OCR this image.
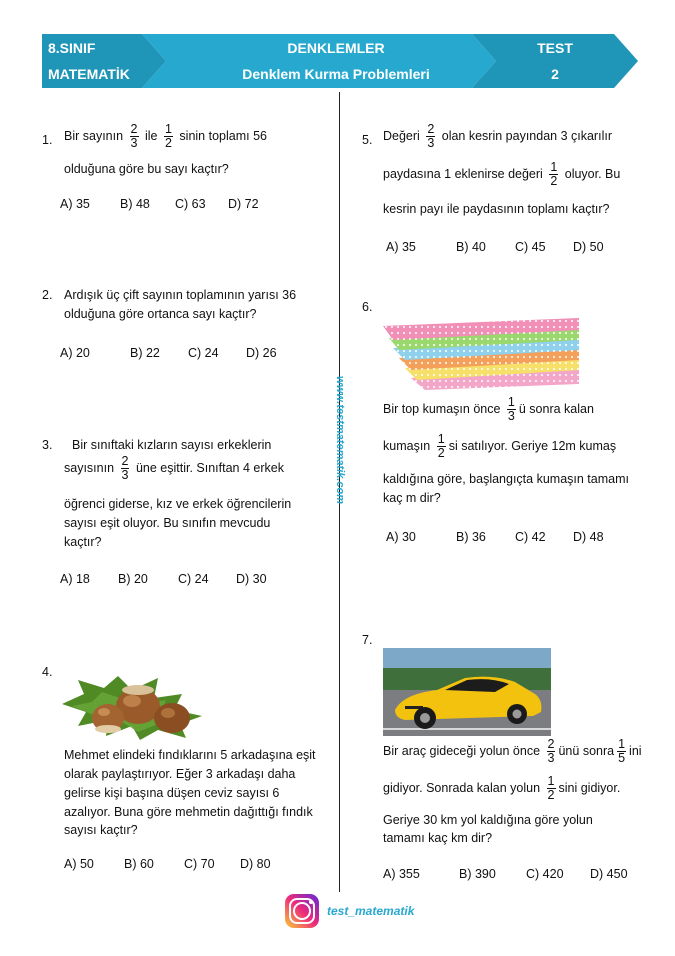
8.SINIF
MATEMATİK
DENKLEMLER
Denklem Kurma Problemleri
TEST
2
www.testmatematik.com
1. Bir sayının $\frac{2}{3}$ ile $\frac{1}{2}$ sinin toplamı 56
olduğuna göre bu sayı kaçtır?
A) 35 B) 48 C) 63 D) 72
2. Ardışık üç çift sayının toplamının yarısı 36
olduğuna göre ortanca sayı kaçtır?
A) 20	B) 22 C) 24 D) 26
3. Bir sınıftaki kızların sayısı erkeklerin
sayısının $\frac{2}{3}$ üne eşittir. Sınıftan 4 erkek
öğrenci giderse, kız ve erkek öğrencilerin
sayısı eşit oluyor. Bu sınıfın mevcudu
kaçtır?
A) 18 B) 20 C) 24 D) 30
4.
Mehmet elindeki fındıklarını 5 arkadaşına eşit
olarak paylaştırıyor. Eğer 3 arkadaşı daha
gelirse kişi başına düşen ceviz sayısı 6
azalıyor. Buna göre mehmetin dağıttığı fındık
sayısı kaçtır?
A) 50 B) 60 C) 70 D) 80
5. Değeri $\frac{2}{3}$ olan kesrin payından 3 çıkarılır
paydasına 1 eklenirse değeri $\frac{1}{2}$ oluyor. Bu
kesrin payı ile paydasının toplamı kaçtır?
A) 35	B) 40 C) 45 D) 50
6.
Bir top kumaşın önce $\frac{1}{3}$ ü sonra kalan
kumaşın $\frac{1}{2}$ si satılıyor. Geriye 12m kumaş
kaldığına göre, başlangıçta kumaşın tamamı
kaç m dir?
A) 30	B) 36 C) 42 D) 48
7.
Bir araç gideceği yolun önce $\frac{2}{3}$ ünü sonra $\frac{1}{5}$ ini
gidiyor. Sonrada kalan yolun $\frac{1}{2}$ sini gidiyor.
Geriye 30 km yol kaldığına göre yolun
tamamı kaç km dir?
A) 355	B) 390 C) 420 D) 450
test_matematik
